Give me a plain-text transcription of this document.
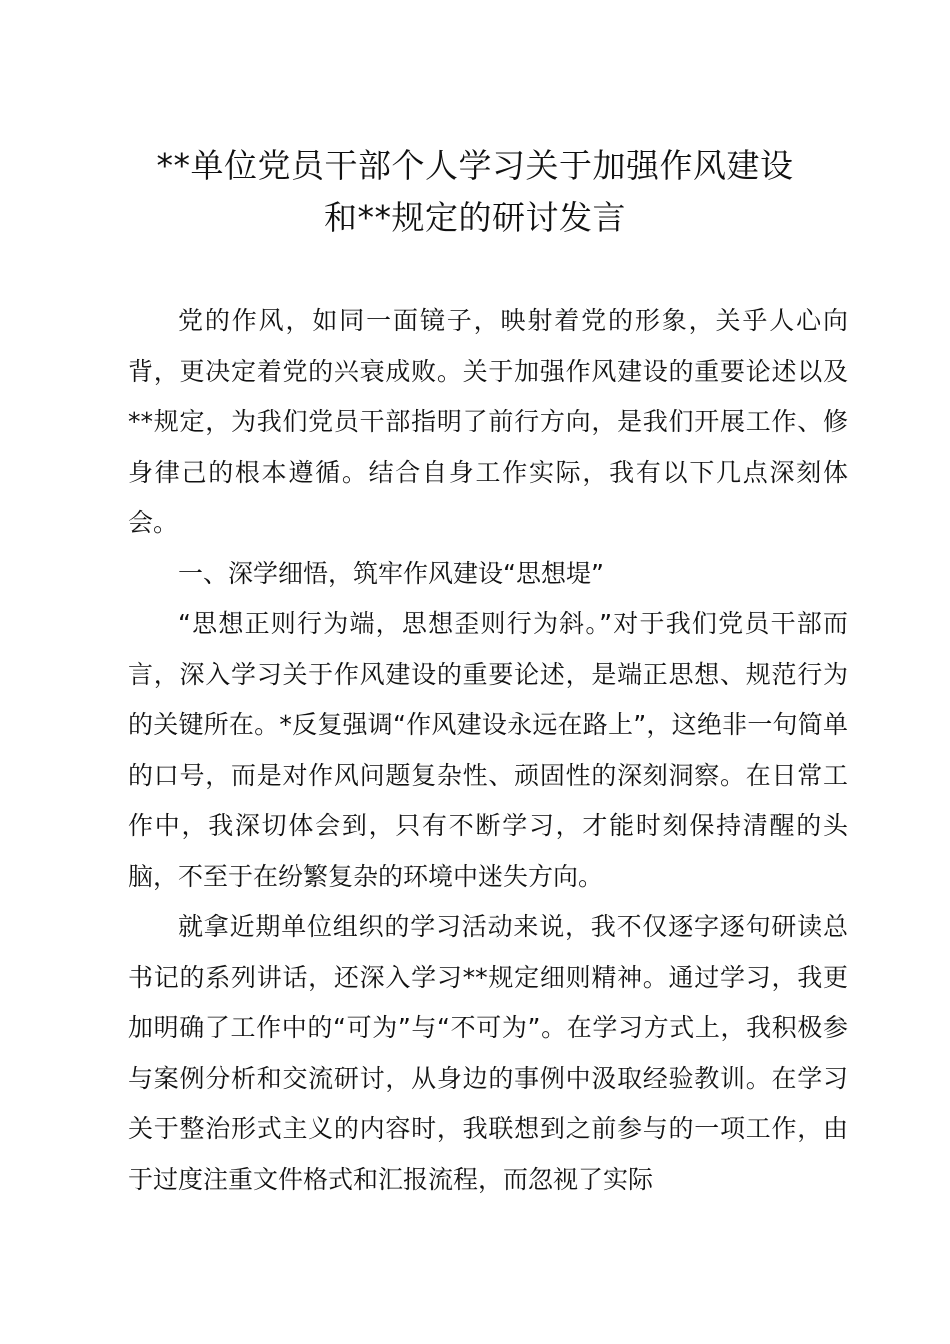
**单位党员干部个人学习关于加强作风建设
和**规定的研讨发言

党的作风，如同一面镜子，映射着党的形象，关乎人心向背，更决定着党的兴衰成败。关于加强作风建设的重要论述以及**规定，为我们党员干部指明了前行方向，是我们开展工作、修身律己的根本遵循。结合自身工作实际，我有以下几点深刻体会。

一、深学细悟，筑牢作风建设“思想堤”

“思想正则行为端，思想歪则行为斜。”对于我们党员干部而言，深入学习关于作风建设的重要论述，是端正思想、规范行为的关键所在。*反复强调“作风建设永远在路上”，这绝非一句简单的口号，而是对作风问题复杂性、顽固性的深刻洞察。在日常工作中，我深切体会到，只有不断学习，才能时刻保持清醒的头脑，不至于在纷繁复杂的环境中迷失方向。

就拿近期单位组织的学习活动来说，我不仅逐字逐句研读总书记的系列讲话，还深入学习**规定细则精神。通过学习，我更加明确了工作中的“可为”与“不可为”。在学习方式上，我积极参与案例分析和交流研讨，从身边的事例中汲取经验教训。在学习关于整治形式主义的内容时，我联想到之前参与的一项工作，由于过度注重文件格式和汇报流程，而忽视了实际
